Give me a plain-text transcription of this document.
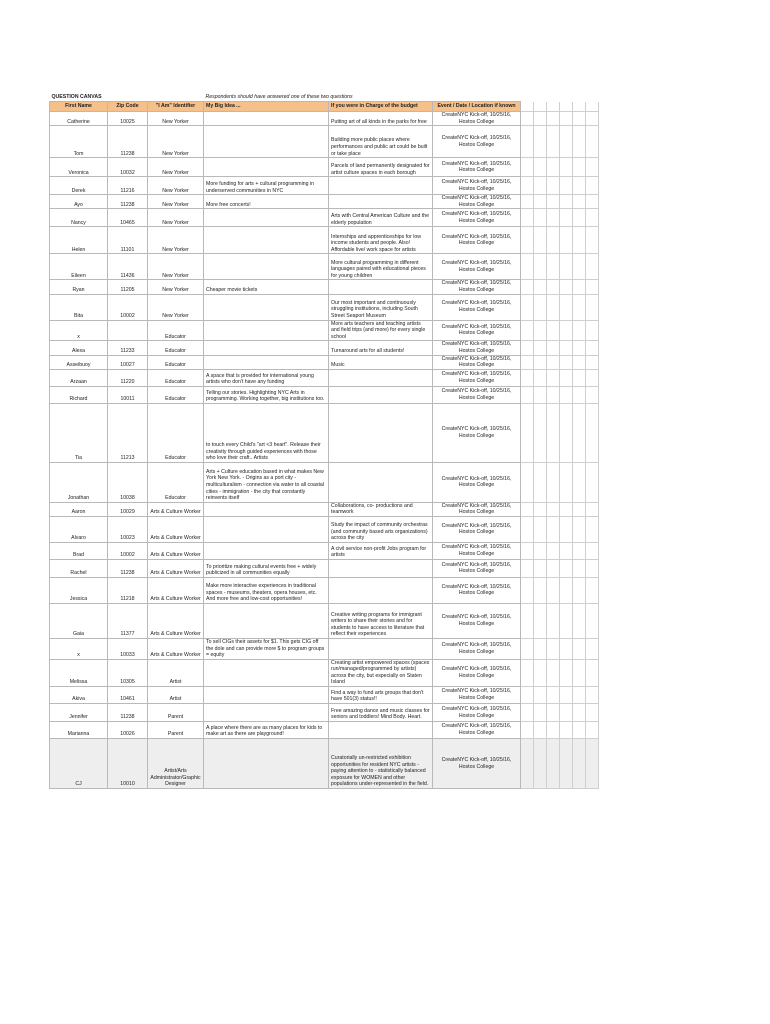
QUESTION CANVAS			Respondents should have answered one of these two questions								
First Name	Zip Code	"I Am" Identifier	My Big Idea ...	If you were in Charge of the budget	Event / Date / Location if known						
Catherine	10025	New Yorker		Putting art of all kinds in the parks for free	CreateNYC Kick-off, 10/25/16, Hostos College						
Tom	11238	New Yorker		Building more public places where performances and public art could be built or take place	CreateNYC Kick-off, 10/25/16, Hostos College						
Veronica	10032	New Yorker		Parcels of land permanently designated for artist culture spaces in each borough	CreateNYC Kick-off, 10/25/16, Hostos College						
Derek	11216	New Yorker	More funding for arts + cultural programming in underserved communities in NYC		CreateNYC Kick-off, 10/25/16, Hostos College						
Ayo	11238	New Yorker	More free concerts!		CreateNYC Kick-off, 10/25/16, Hostos College						
Nancy	10465	New Yorker		Arts with Central American Culture and the elderly population	CreateNYC Kick-off, 10/25/16, Hostos College						
Helen	11101	New Yorker		Internships and apprenticeships for low income students and people. Also! Affordable live/ work space for artists	CreateNYC Kick-off, 10/25/16, Hostos College						
Eileen	11436	New Yorker		More cultural programming in different languages paired with educational pieces for young children	CreateNYC Kick-off, 10/25/16, Hostos College						
Ryan	11205	New Yorker	Cheaper movie tickets		CreateNYC Kick-off, 10/25/16, Hostos College						
Bita	10002	New Yorker		Our most important and continuously struggling institutions, including South Street Seaport Museum	CreateNYC Kick-off, 10/25/16, Hostos College						
x		Educator		More arts teachers and teaching artists and field trips (and more) for every single school	CreateNYC Kick-off, 10/25/16, Hostos College						
Alexa	11233	Educator		Turnaround arts for all students!	CreateNYC Kick-off, 10/25/16, Hostos College						
Asseibuoy	10027	Educator		Music	CreateNYC Kick-off, 10/25/16, Hostos College						
Arzaan	11220	Educator	A space that is provided for international young artists who don't have any funding		CreateNYC Kick-off, 10/25/16, Hostos College						
Richard	10011	Educator	Telling our stories. Highlighting NYC Arts in programming. Working together, big institutions too.		CreateNYC Kick-off, 10/25/16, Hostos College						
Tia	11213	Educator	to touch every Child's "art <3 heart". Release their creativity through guided experiences with those who love their craft.. Artists		CreateNYC Kick-off, 10/25/16, Hostos College						
Jonathan	10038	Educator	Arts + Culture education based in what makes New York New York. - Origins as a port city - multiculturalism - connection via water to all coastal cities - immigration - the city that constantly reinvents itself		CreateNYC Kick-off, 10/25/16, Hostos College						
Aaron	10029	Arts & Culture Worker		Collaborations, co- productions and teamwork	CreateNYC Kick-off, 10/25/16, Hostos College						
Alvaro	10023	Arts & Culture Worker		Study the impact of community orchestras (and community based arts organizations) across the city	CreateNYC Kick-off, 10/25/16, Hostos College						
Brad	10002	Arts & Culture Worker		A civil service non-profit Jobs program for artists	CreateNYC Kick-off, 10/25/16, Hostos College						
Rachel	11238	Arts & Culture Worker	To prioritize making cultural events free + widely publicized in all communities equally		CreateNYC Kick-off, 10/25/16, Hostos College						
Jessica	11218	Arts & Culture Worker	Make more interactive experiences in traditional spaces - museums, theaters, opera houses, etc. And more free and low-cost opportunities!		CreateNYC Kick-off, 10/25/16, Hostos College						
Gaia	11377	Arts & Culture Worker		Creative writing programs for immigrant writers to share their stories and for students to have access to literature that reflect their experiences	CreateNYC Kick-off, 10/25/16, Hostos College						
x	10033	Arts & Culture Worker	To sell CIGs their assets for $1. This gets CIG off the dole and can provide more $ to program groups = equity		CreateNYC Kick-off, 10/25/16, Hostos College						
Melissa	10305	Artist		Creating artist empowered spaces (spaces run/managed/programmed by artists) across the city, but especially on Staten Island	CreateNYC Kick-off, 10/25/16, Hostos College						
Akiva	10461	Artist		Find a way to fund arts groups that don't have 501(3) status!!	CreateNYC Kick-off, 10/25/16, Hostos College						
Jennifer	11238	Parent		Free amazing dance and music classes for seniors and toddlers! Mind Body. Heart.	CreateNYC Kick-off, 10/25/16, Hostos College						
Marianna	10026	Parent	A place where there are as many places for kids to make art as there are playground!		CreateNYC Kick-off, 10/25/16, Hostos College						
CJ	10010	Artist/Arts Administrator/Graphic Designer		Curatorially un-restricted exhibition opportunities for resident NYC artists - paying attention to - statistically balanced exposure for WOMEN and other populations under-represented in the field.	CreateNYC Kick-off, 10/25/16, Hostos College						
